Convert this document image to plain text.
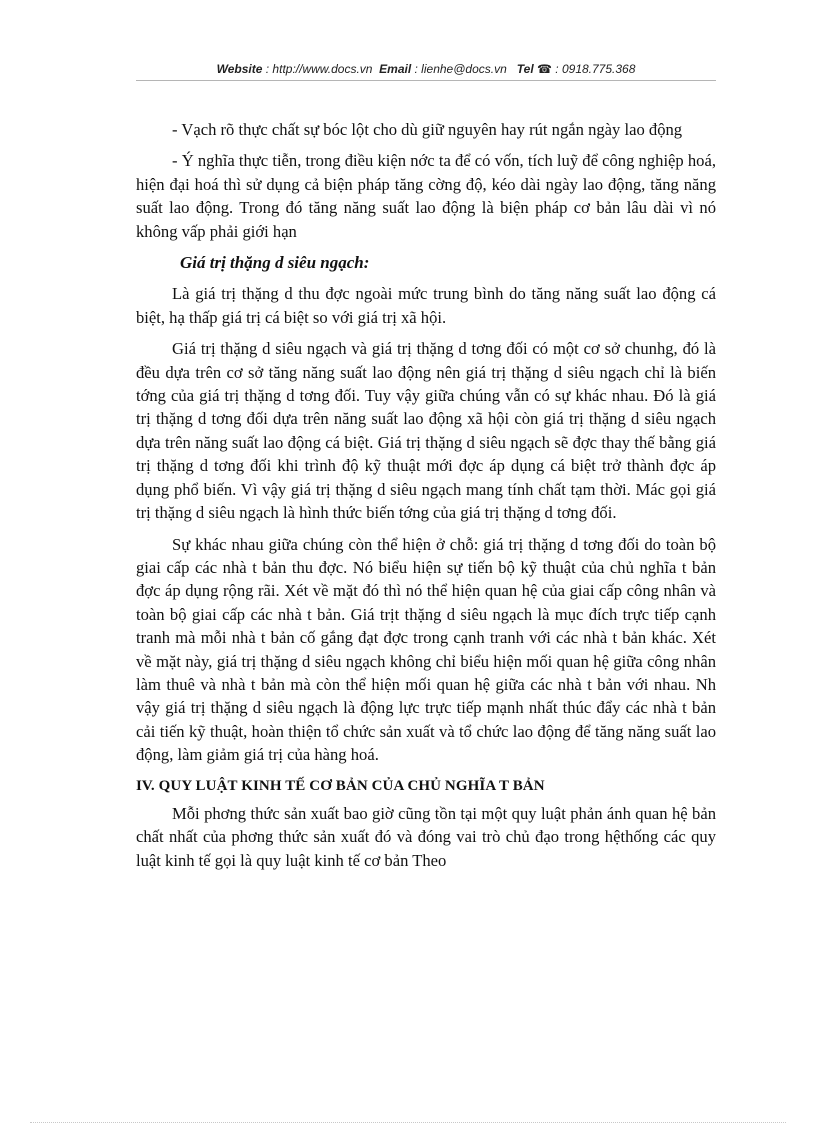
Website : http://www.docs.vn Email : lienhe@docs.vn Tel ☎ : 0918.775.368

- Vạch rõ thực chất sự bóc lột cho dù giữ nguyên hay rút ngắn ngày lao động

- Ý nghĩa thực tiễn, trong điều kiện nớc ta để có vốn, tích luỹ để công nghiệp hoá, hiện đại hoá thì sử dụng cả biện pháp tăng cờng độ, kéo dài ngày lao động, tăng năng suất lao động. Trong đó tăng năng suất lao động là biện pháp cơ bản lâu dài vì nó không vấp phải giới hạn

Giá trị thặng d siêu ngạch:

Là giá trị thặng d thu đợc ngoài mức trung bình do tăng năng suất lao động cá biệt, hạ thấp giá trị cá biệt so với giá trị xã hội.

Giá trị thặng d siêu ngạch và giá trị thặng d tơng đối có một cơ sở chunhg, đó là đều dựa trên cơ sở tăng năng suất lao động nên giá trị thặng d siêu ngạch chỉ là biến tớng của giá trị thặng d tơng đối. Tuy vậy giữa chúng vẫn có sự khác nhau. Đó là giá trị thặng d tơng đối dựa trên năng suất lao động xã hội còn giá trị thặng d siêu ngạch dựa trên năng suất lao động cá biệt. Giá trị thặng d siêu ngạch sẽ đợc thay thế bằng giá trị thặng d tơng đối khi trình độ kỹ thuật mới đợc áp dụng cá biệt trở thành đợc áp dụng phổ biến. Vì vậy giá trị thặng d siêu ngạch mang tính chất tạm thời. Mác gọi giá trị thặng d siêu ngạch là hình thức biến tớng của giá trị thặng d tơng đối.

Sự khác nhau giữa chúng còn thể hiện ở chỗ: giá trị thặng d tơng đối do toàn bộ giai cấp các nhà t bản thu đợc. Nó biểu hiện sự tiến bộ kỹ thuật của chủ nghĩa t bản đợc áp dụng rộng rãi. Xét về mặt đó thì nó thể hiện quan hệ của giai cấp công nhân và toàn bộ giai cấp các nhà t bản. Giá trịt thặng d siêu ngạch là mục đích trực tiếp cạnh tranh mà mỗi nhà t bản cố gắng đạt đợc trong cạnh tranh với các nhà t bản khác. Xét về mặt này, giá trị thặng d siêu ngạch không chỉ biểu hiện mối quan hệ giữa công nhân làm thuê và nhà t bản mà còn thể hiện mối quan hệ giữa các nhà t bản với nhau. Nh vậy giá trị thặng d siêu ngạch là động lực trực tiếp mạnh nhất thúc đẩy các nhà t bản cải tiến kỹ thuật, hoàn thiện tổ chức sản xuất và tổ chức lao động để tăng năng suất lao động, làm giảm giá trị của hàng hoá.

IV. QUY LUẬT KINH TẾ CƠ BẢN CỦA CHỦ NGHĨA T BẢN

Mỗi phơng thức sản xuất bao giờ cũng tồn tại một quy luật phản ánh quan hệ bản chất nhất của phơng thức sản xuất đó và đóng vai trò chủ đạo trong hệthống các quy luật kinh tế gọi là quy luật kinh tế cơ bản Theo
